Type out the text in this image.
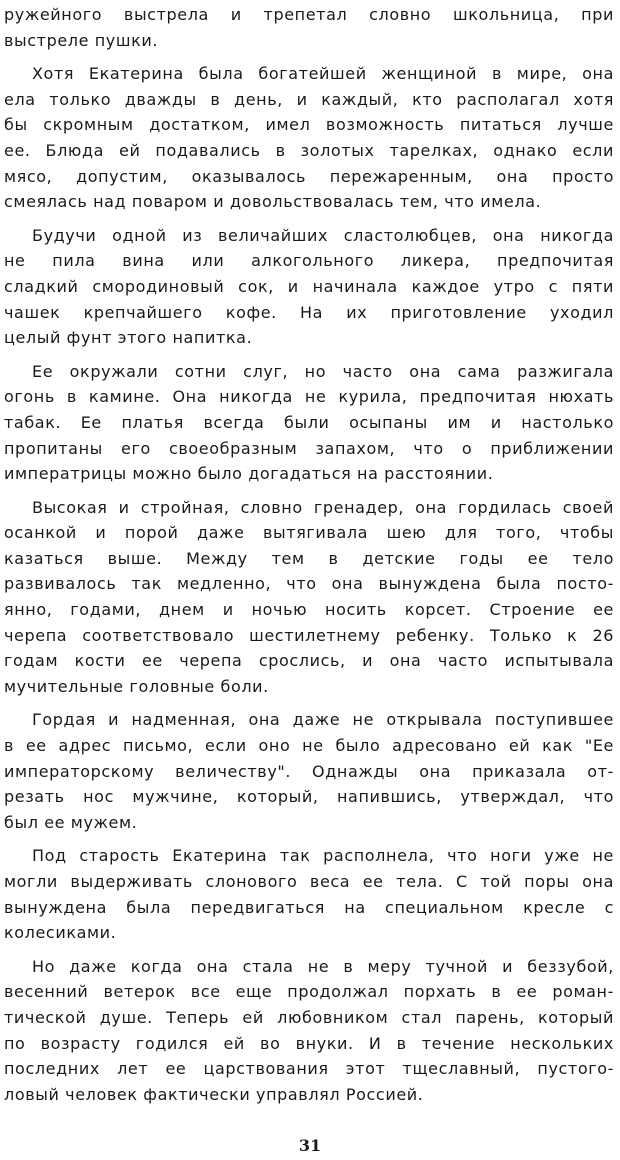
ружейного выстрела и трепетал словно школьница, при
выстреле пушки.
Хотя Екатерина была богатейшей женщиной в мире, она
ела только дважды в день, и каждый, кто располагал хотя
бы скромным достатком, имел возможность питаться лучше
ее. Блюда ей подавались в золотых тарелках, однако если
мясо, допустим, оказывалось пережаренным, она просто
смеялась над поваром и довольствовалась тем, что имела.
Будучи одной из величайших сластолюбцев, она никогда
не пила вина или алкогольного ликера, предпочитая
сладкий смородиновый сок, и начинала каждое утро с пяти
чашек крепчайшего кофе. На их приготовление уходил
целый фунт этого напитка.
Ее окружали сотни слуг, но часто она сама разжигала
огонь в камине. Она никогда не курила, предпочитая нюхать
табак. Ее платья всегда были осыпаны им и настолько
пропитаны его своеобразным запахом, что о приближении
императрицы можно было догадаться на расстоянии.
Высокая и стройная, словно гренадер, она гордилась своей
осанкой и порой даже вытягивала шею для того, чтобы
казаться выше. Между тем в детские годы ее тело
развивалось так медленно, что она вынуждена была посто-
янно, годами, днем и ночью носить корсет. Строение ее
черепа соответствовало шестилетнему ребенку. Только к 26
годам кости ее черепа срослись, и она часто испытывала
мучительные головные боли.
Гордая и надменная, она даже не открывала поступившее
в ее адрес письмо, если оно не было адресовано ей как "Ее
императорскому величеству". Однажды она приказала от-
резать нос мужчине, который, напившись, утверждал, что
был ее мужем.
Под старость Екатерина так располнела, что ноги уже не
могли выдерживать слонового веса ее тела. С той поры она
вынуждена была передвигаться на специальном кресле с
колесиками.
Но даже когда она стала не в меру тучной и беззубой,
весенний ветерок все еще продолжал порхать в ее роман-
тической душе. Теперь ей любовником стал парень, который
по возрасту годился ей во внуки. И в течение нескольких
последних лет ее царствования этот тщеславный, пустого-
ловый человек фактически управлял Россией.
31
